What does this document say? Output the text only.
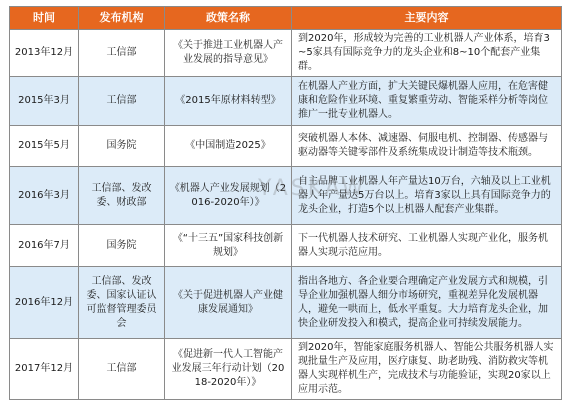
时间	发布机构	政策名称	主要内容
2013年12月	工信部	《关于推进工业机器人产业发展的指导意见》	到2020年，形成较为完善的工业机器人产业体系，培育3~5家具有国际竞争力的龙头企业和8~10个配套产业集群。
2015年3月	工信部	《2015年原材料转型》	在机器人产业方面，扩大关键民爆机器人应用，在危害健康和危险作业环境、重复繁重劳动、智能采样分析等岗位推广一批专业机器人。
2015年5月	国务院	《中国制造2025》	突破机器人本体、减速器、伺服电机、控制器、传感器与驱动器等关键零部件及系统集成设计制造等技术瓶颈。
2016年3月	工信部、发改委、财政部	《机器人产业发展规划（2016-2020年）》	自主品牌工业机器人年产量达10万台，六轴及以上工业机器人年产量达5万台以上。培育3家以上具有国际竞争力的龙头企业，打造5个以上机器人配套产业集群。
2016年7月	国务院	《“十三五”国家科技创新规划》	下一代机器人技术研究、工业机器人实现产业化，服务机器人实现示范应用。
2016年12月	工信部、发改委、国家认证认可监督管理委员会	《关于促进机器人产业健康发展通知》	指出各地方、各企业要合理确定产业发展方式和规模，引导企业加强机器人细分市场研究，重视差异化发展机器人，避免一哄而上，低水平重复。大力培育龙头企业，加快企业研发投入和模式，提高企业可持续发展能力。
2017年12月	工信部	《促进新一代人工智能产业发展三年行动计划（2018-2020年）》	到2020年，智能家庭服务机器人、智能公共服务机器人实现批量生产及应用，医疗康复、助老助残、消防救灾等机器人实现样机生产，完成技术与功能验证，实现20家以上应用示范。
YASKAW
